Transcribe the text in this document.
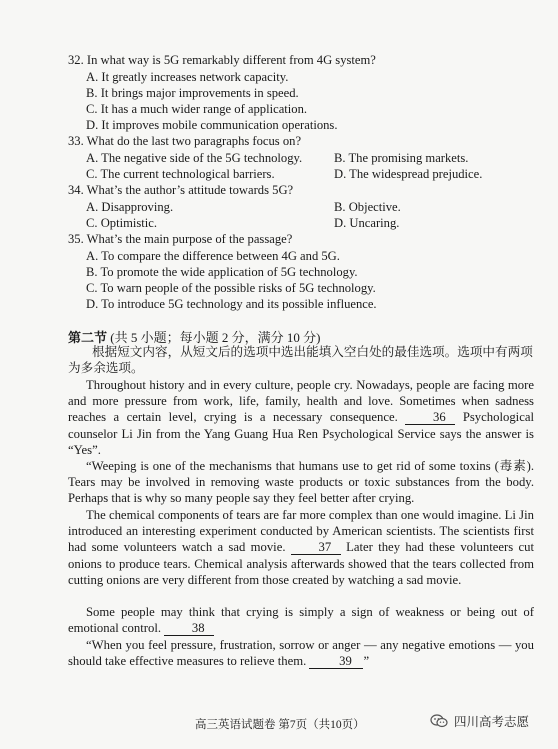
32. In what way is 5G remarkably different from 4G system?
A. It greatly increases network capacity.
B. It brings major improvements in speed.
C. It has a much wider range of application.
D. It improves mobile communication operations.
33. What do the last two paragraphs focus on?
A. The negative side of the 5G technology.	B. The promising markets.
C. The current technological barriers.	D. The widespread prejudice.
34. What’s the author’s attitude towards 5G?
A. Disapproving.	B. Objective.
C. Optimistic.	D. Uncaring.
35. What’s the main purpose of the passage?
A. To compare the difference between 4G and 5G.
B. To promote the wide application of 5G technology.
C. To warn people of the possible risks of 5G technology.
D. To introduce 5G technology and its possible influence.
第二节 (共 5 小题；每小题 2 分，满分 10 分)
根据短文内容，从短文后的选项中选出能填入空白处的最佳选项。选项中有两项为多余选项。
Throughout history and in every culture, people cry. Nowadays, people are facing more and more pressure from work, life, family, health and love. Sometimes when sadness reaches a certain level, crying is a necessary consequence.	36 Psychological counselor Li Jin from the Yang Guang Hua Ren Psychological Service says the answer is “Yes”.
“Weeping is one of the mechanisms that humans use to get rid of some toxins (毒素). Tears may be involved in removing waste products or toxic substances from the body. Perhaps that is why so many people say they feel better after crying.
The chemical components of tears are far more complex than one would imagine. Li Jin introduced an interesting experiment conducted by American scientists. The scientists first had some volunteers watch a sad movie.	37 Later they had these volunteers cut onions to produce tears. Chemical analysis afterwards showed that the tears collected from cutting onions are very different from those created by watching a sad movie.
Some people may think that crying is simply a sign of weakness or being out of emotional control. 38
“When you feel pressure, frustration, sorrow or anger — any negative emotions — you should take effective measures to relieve them.	39 ”
高三英语试题卷 第7页（共10页）	四川高考志愿
